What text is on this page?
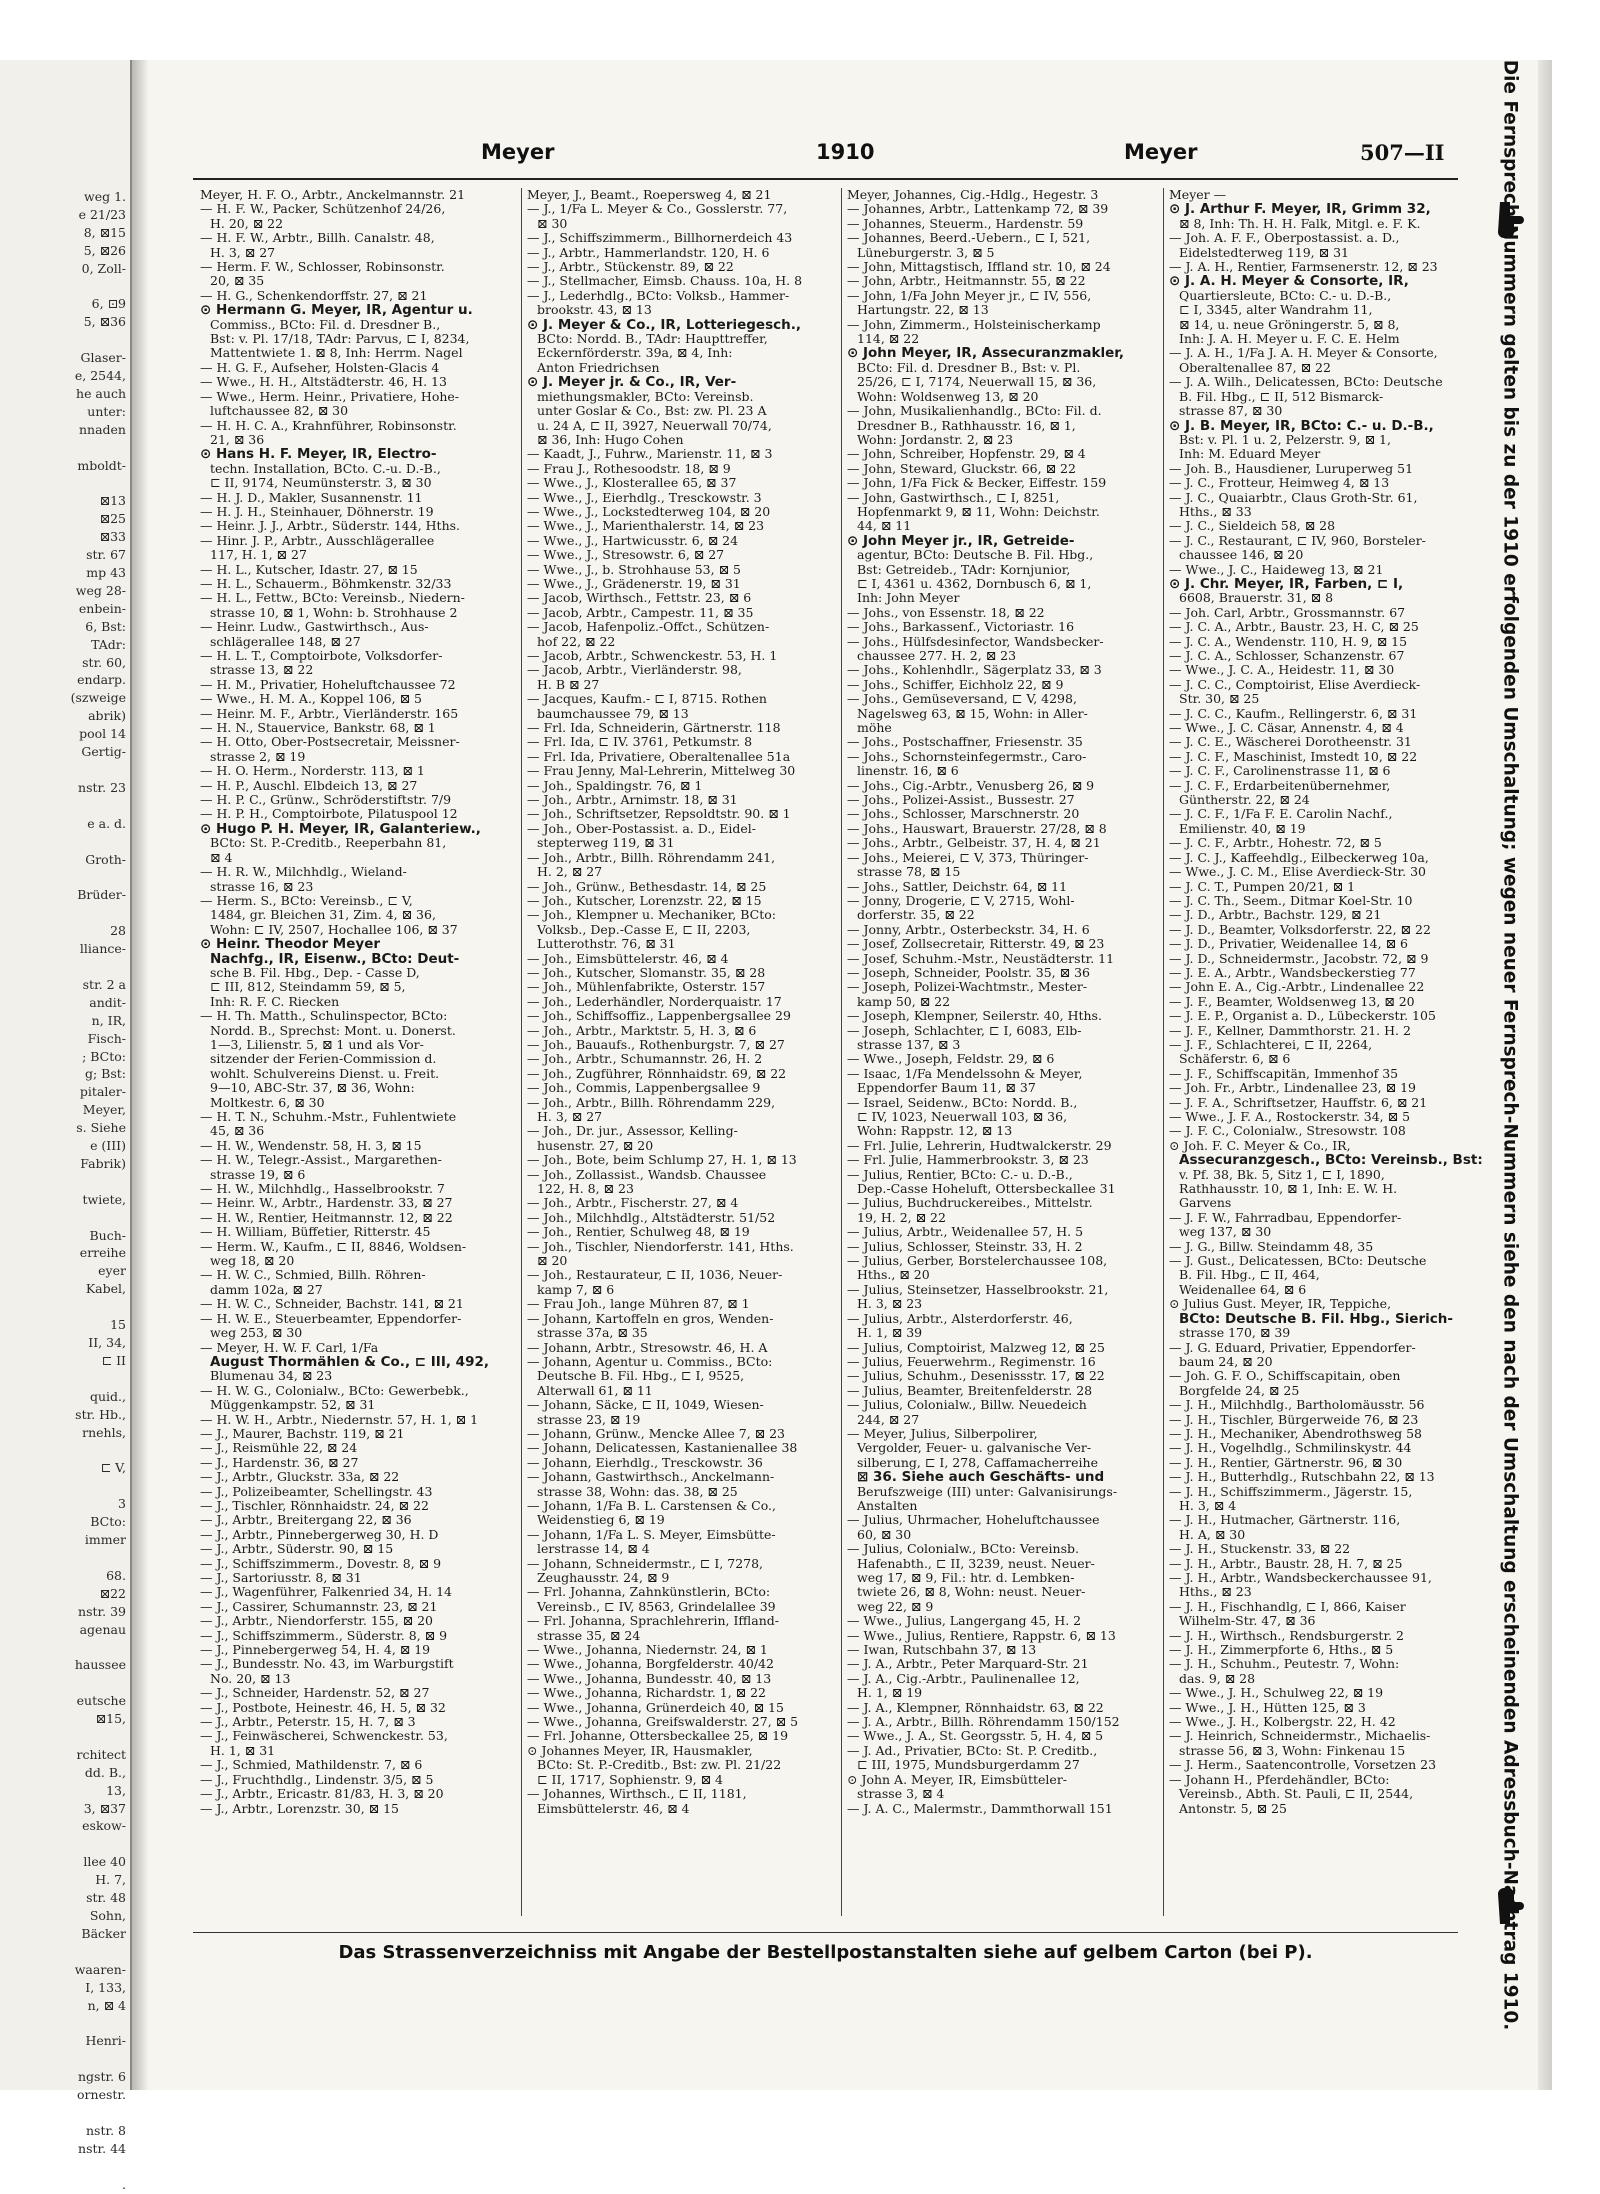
weg 1.
e 21/23
8, ⊠15
5, ⊠26
0, Zoll-

6, ⊡9
5, ⊠36

Glaser-
e, 2544,
he auch
unter:
nnaden

mboldt-

⊠13
⊠25
⊠33
str. 67
mp 43
weg 28-
enbein-
6, Bst:
TAdr:
str. 60,
endarp.
(szweige
abrik)
pool 14
Gertig-

nstr. 23

e a. d.

Groth-

Brüder-

28
lliance-

str. 2 a
andit-
n, IR,
Fisch-
; BCto:
g; Bst:
pitaler-
Meyer,
s. Siehe
e (III)
Fabrik)

twiete,

Buch-
erreihe
eyer
Kabel,

15
II, 34,
⊏ II

quid.,
str. Hb.,
rnehls,

⊏ V,

3
BCto:
immer

68.
⊠22
nstr. 39
agenau

haussee

eutsche
⊠15,

rchitect
dd. B.,
13,
3, ⊠37
eskow-

llee 40
H. 7,
str. 48
Sohn,
Bäcker

waaren-
I, 133,
n, ⊠ 4

Henri-

ngstr. 6
ornestr.

nstr. 8
nstr. 44

.
Meyer	1910	Meyer	507—II
Meyer, H. F. O., Arbtr., Anckelmannstr. 21
— H. F. W., Packer, Schützenhof 24/26,
H. 20, ⊠ 22
— H. F. W., Arbtr., Billh. Canalstr. 48,
H. 3, ⊠ 27
— Herm. F. W., Schlosser, Robinsonstr.
20, ⊠ 35
— H. G., Schenkendorffstr. 27, ⊠ 21
⊙ Hermann G. Meyer, IR, Agentur u.
Commiss., BCto: Fil. d. Dresdner B.,
Bst: v. Pl. 17/18, TAdr: Parvus, ⊏ I, 8234,
Mattentwiete 1. ⊠ 8, Inh: Herrm. Nagel
— H. G. F., Aufseher, Holsten-Glacis 4
— Wwe., H. H., Altstädterstr. 46, H. 13
— Wwe., Herm. Heinr., Privatiere, Hohe-
luftchaussee 82, ⊠ 30
— H. H. C. A., Krahnführer, Robinsonstr.
21, ⊠ 36
⊙ Hans H. F. Meyer, IR, Electro-
techn. Installation, BCto. C.-u. D.-B.,
⊏ II, 9174, Neumünsterstr. 3, ⊠ 30
— H. J. D., Makler, Susannenstr. 11
— H. J. H., Steinhauer, Döhnerstr. 19
— Heinr. J. J., Arbtr., Süderstr. 144, Hths.
— Hinr. J. P., Arbtr., Ausschlägerallee
117, H. 1, ⊠ 27
— H. L., Kutscher, Idastr. 27, ⊠ 15
— H. L., Schauerm., Böhmkenstr. 32/33
— H. L., Fettw., BCto: Vereinsb., Niedern-
strasse 10, ⊠ 1, Wohn: b. Strohhause 2
— Heinr. Ludw., Gastwirthsch., Aus-
schlägerallee 148, ⊠ 27
— H. L. T., Comptoirbote, Volksdorfer-
strasse 13, ⊠ 22
— H. M., Privatier, Hoheluftchaussee 72
— Wwe., H. M. A., Koppel 106, ⊠ 5
— Heinr. M. F., Arbtr., Vierländerstr. 165
— H. N., Stauervice, Bankstr. 68, ⊠ 1
— H. Otto, Ober-Postsecretair, Meissner-
strasse 2, ⊠ 19
— H. O. Herm., Norderstr. 113, ⊠ 1
— H. P., Auschl. Elbdeich 13, ⊠ 27
— H. P. C., Grünw., Schröderstiftstr. 7/9
— H. P. H., Comptoirbote, Pilatuspool 12
⊙ Hugo P. H. Meyer, IR, Galanteriew.,
BCto: St. P.-Creditb., Reeperbahn 81,
⊠ 4
— H. R. W., Milchhdlg., Wieland-
strasse 16, ⊠ 23
— Herm. S., BCto: Vereinsb., ⊏ V,
1484, gr. Bleichen 31, Zim. 4, ⊠ 36,
Wohn: ⊏ IV, 2507, Hochallee 106, ⊠ 37
⊙ Heinr. Theodor Meyer
Nachfg., IR, Eisenw., BCto: Deut-
sche B. Fil. Hbg., Dep. - Casse D,
⊏ III, 812, Steindamm 59, ⊠ 5,
Inh: R. F. C. Riecken
— H. Th. Matth., Schulinspector, BCto:
Nordd. B., Sprechst: Mont. u. Donerst.
1—3, Lilienstr. 5, ⊠ 1 und als Vor-
sitzender der Ferien-Commission d.
wohlt. Schulvereins Dienst. u. Freit.
9—10, ABC-Str. 37, ⊠ 36, Wohn:
Moltkestr. 6, ⊠ 30
— H. T. N., Schuhm.-Mstr., Fuhlentwiete
45, ⊠ 36
— H. W., Wendenstr. 58, H. 3, ⊠ 15
— H. W., Telegr.-Assist., Margarethen-
strasse 19, ⊠ 6
— H. W., Milchhdlg., Hasselbrookstr. 7
— Heinr. W., Arbtr., Hardenstr. 33, ⊠ 27
— H. W., Rentier, Heitmannstr. 12, ⊠ 22
— H. William, Büffetier, Ritterstr. 45
— Herm. W., Kaufm., ⊏ II, 8846, Woldsen-
weg 18, ⊠ 20
— H. W. C., Schmied, Billh. Röhren-
damm 102a, ⊠ 27
— H. W. C., Schneider, Bachstr. 141, ⊠ 21
— H. W. E., Steuerbeamter, Eppendorfer-
weg 253, ⊠ 30
— Meyer, H. W. F. Carl, 1/Fa
August Thormählen & Co., ⊏ III, 492,
Blumenau 34, ⊠ 23
— H. W. G., Colonialw., BCto: Gewerbebk.,
Müggenkampstr. 52, ⊠ 31
— H. W. H., Arbtr., Niedernstr. 57, H. 1, ⊠ 1
— J., Maurer, Bachstr. 119, ⊠ 21
— J., Reismühle 22, ⊠ 24
— J., Hardenstr. 36, ⊠ 27
— J., Arbtr., Gluckstr. 33a, ⊠ 22
— J., Polizeibeamter, Schellingstr. 43
— J., Tischler, Rönnhaidstr. 24, ⊠ 22
— J., Arbtr., Breitergang 22, ⊠ 36
— J., Arbtr., Pinnebergerweg 30, H. D
— J., Arbtr., Süderstr. 90, ⊠ 15
— J., Schiffszimmerm., Dovestr. 8, ⊠ 9
— J., Sartoriusstr. 8, ⊠ 31
— J., Wagenführer, Falkenried 34, H. 14
— J., Cassirer, Schumannstr. 23, ⊠ 21
— J., Arbtr., Niendorferstr. 155, ⊠ 20
— J., Schiffszimmerm., Süderstr. 8, ⊠ 9
— J., Pinnebergerweg 54, H. 4, ⊠ 19
— J., Bundesstr. No. 43, im Warburgstift
No. 20, ⊠ 13
— J., Schneider, Hardenstr. 52, ⊠ 27
— J., Postbote, Heinestr. 46, H. 5, ⊠ 32
— J., Arbtr., Peterstr. 15, H. 7, ⊠ 3
— J., Feinwäscherei, Schwenckestr. 53,
H. 1, ⊠ 31
— J., Schmied, Mathildenstr. 7, ⊠ 6
— J., Fruchthdlg., Lindenstr. 3/5, ⊠ 5
— J., Arbtr., Ericastr. 81/83, H. 3, ⊠ 20
— J., Arbtr., Lorenzstr. 30, ⊠ 15
Meyer, J., Beamt., Roepersweg 4, ⊠ 21
— J., 1/Fa L. Meyer & Co., Gosslerstr. 77,
⊠ 30
— J., Schiffszimmerm., Billhornerdeich 43
— J., Arbtr., Hammerlandstr. 120, H. 6
— J., Arbtr., Stückenstr. 89, ⊠ 22
— J., Stellmacher, Eimsb. Chauss. 10a, H. 8
— J., Lederhdlg., BCto: Volksb., Hammer-
brookstr. 43, ⊠ 13
⊙ J. Meyer & Co., IR, Lotteriegesch.,
BCto: Nordd. B., TAdr: Haupttreffer,
Eckernförderstr. 39a, ⊠ 4, Inh:
Anton Friedrichsen
⊙ J. Meyer jr. & Co., IR, Ver-
miethungsmakler, BCto: Vereinsb.
unter Goslar & Co., Bst: zw. Pl. 23 A
u. 24 A, ⊏ II, 3927, Neuerwall 70/74,
⊠ 36, Inh: Hugo Cohen
— Kaadt, J., Fuhrw., Marienstr. 11, ⊠ 3
— Frau J., Rothesoodstr. 18, ⊠ 9
— Wwe., J., Klosterallee 65, ⊠ 37
— Wwe., J., Eierhdlg., Tresckowstr. 3
— Wwe., J., Lockstedterweg 104, ⊠ 20
— Wwe., J., Marienthalerstr. 14, ⊠ 23
— Wwe., J., Hartwicusstr. 6, ⊠ 24
— Wwe., J., Stresowstr. 6, ⊠ 27
— Wwe., J., b. Strohhause 53, ⊠ 5
— Wwe., J., Grädenerstr. 19, ⊠ 31
— Jacob, Wirthsch., Fettstr. 23, ⊠ 6
— Jacob, Arbtr., Campestr. 11, ⊠ 35
— Jacob, Hafenpoliz.-Offct., Schützen-
hof 22, ⊠ 22
— Jacob, Arbtr., Schwenckestr. 53, H. 1
— Jacob, Arbtr., Vierländerstr. 98,
H. B ⊠ 27
— Jacques, Kaufm.- ⊏ I, 8715. Rothen
baumchaussee 79, ⊠ 13
— Frl. Ida, Schneiderin, Gärtnerstr. 118
— Frl. Ida, ⊏ IV. 3761, Petkumstr. 8
— Frl. Ida, Privatiere, Oberaltenallee 51a
— Frau Jenny, Mal-Lehrerin, Mittelweg 30
— Joh., Spaldingstr. 76, ⊠ 1
— Joh., Arbtr., Arnimstr. 18, ⊠ 31
— Joh., Schriftsetzer, Repsoldtstr. 90. ⊠ 1
— Joh., Ober-Postassist. a. D., Eidel-
stepterweg 119, ⊠ 31
— Joh., Arbtr., Billh. Röhrendamm 241,
H. 2, ⊠ 27
— Joh., Grünw., Bethesdastr. 14, ⊠ 25
— Joh., Kutscher, Lorenzstr. 22, ⊠ 15
— Joh., Klempner u. Mechaniker, BCto:
Volksb., Dep.-Casse E, ⊏ II, 2203,
Lutterothstr. 76, ⊠ 31
— Joh., Eimsbüttelerstr. 46, ⊠ 4
— Joh., Kutscher, Slomanstr. 35, ⊠ 28
— Joh., Mühlenfabrikte, Osterstr. 157
— Joh., Lederhändler, Norderquaistr. 17
— Joh., Schiffsoffiz., Lappenbergsallee 29
— Joh., Arbtr., Marktstr. 5, H. 3, ⊠ 6
— Joh., Bauaufs., Rothenburgstr. 7, ⊠ 27
— Joh., Arbtr., Schumannstr. 26, H. 2
— Joh., Zugführer, Rönnhaidstr. 69, ⊠ 22
— Joh., Commis, Lappenbergsallee 9
— Joh., Arbtr., Billh. Röhrendamm 229,
H. 3, ⊠ 27
— Joh., Dr. jur., Assessor, Kelling-
husenstr. 27, ⊠ 20
— Joh., Bote, beim Schlump 27, H. 1, ⊠ 13
— Joh., Zollassist., Wandsb. Chaussee
122, H. 8, ⊠ 23
— Joh., Arbtr., Fischerstr. 27, ⊠ 4
— Joh., Milchhdlg., Altstädterstr. 51/52
— Joh., Rentier, Schulweg 48, ⊠ 19
— Joh., Tischler, Niendorferstr. 141, Hths.
⊠ 20
— Joh., Restaurateur, ⊏ II, 1036, Neuer-
kamp 7, ⊠ 6
— Frau Joh., lange Mühren 87, ⊠ 1
— Johann, Kartoffeln en gros, Wenden-
strasse 37a, ⊠ 35
— Johann, Arbtr., Stresowstr. 46, H. A
— Johann, Agentur u. Commiss., BCto:
Deutsche B. Fil. Hbg., ⊏ I, 9525,
Alterwall 61, ⊠ 11
— Johann, Säcke, ⊏ II, 1049, Wiesen-
strasse 23, ⊠ 19
— Johann, Grünw., Mencke Allee 7, ⊠ 23
— Johann, Delicatessen, Kastanienallee 38
— Johann, Eierhdlg., Tresckowstr. 36
— Johann, Gastwirthsch., Anckelmann-
strasse 38, Wohn: das. 38, ⊠ 25
— Johann, 1/Fa B. L. Carstensen & Co.,
Weidenstieg 6, ⊠ 19
— Johann, 1/Fa L. S. Meyer, Eimsbütte-
lerstrasse 14, ⊠ 4
— Johann, Schneidermstr., ⊏ I, 7278,
Zeughausstr. 24, ⊠ 9
— Frl. Johanna, Zahnkünstlerin, BCto:
Vereinsb., ⊏ IV, 8563, Grindelallee 39
— Frl. Johanna, Sprachlehrerin, Iffland-
strasse 35, ⊠ 24
— Wwe., Johanna, Niedernstr. 24, ⊠ 1
— Wwe., Johanna, Borgfelderstr. 40/42
— Wwe., Johanna, Bundesstr. 40, ⊠ 13
— Wwe., Johanna, Richardstr. 1, ⊠ 22
— Wwe., Johanna, Grünerdeich 40, ⊠ 15
— Wwe., Johanna, Greifswalderstr. 27, ⊠ 5
— Frl. Johanne, Ottersbeckallee 25, ⊠ 19
⊙ Johannes Meyer, IR, Hausmakler,
BCto: St. P.-Creditb., Bst: zw. Pl. 21/22
⊏ II, 1717, Sophienstr. 9, ⊠ 4
— Johannes, Wirthsch., ⊏ II, 1181,
Eimsbüttelerstr. 46, ⊠ 4
Meyer, Johannes, Cig.-Hdlg., Hegestr. 3
— Johannes, Arbtr., Lattenkamp 72, ⊠ 39
— Johannes, Steuerm., Hardenstr. 59
— Johannes, Beerd.-Uebern., ⊏ I, 521,
Lüneburgerstr. 3, ⊠ 5
— John, Mittagstisch, Iffland str. 10, ⊠ 24
— John, Arbtr., Heitmannstr. 55, ⊠ 22
— John, 1/Fa John Meyer jr., ⊏ IV, 556,
Hartungstr. 22, ⊠ 13
— John, Zimmerm., Holsteinischerkamp
114, ⊠ 22
⊙ John Meyer, IR, Assecuranzmakler,
BCto: Fil. d. Dresdner B., Bst: v. Pl.
25/26, ⊏ I, 7174, Neuerwall 15, ⊠ 36,
Wohn: Woldsenweg 13, ⊠ 20
— John, Musikalienhandlg., BCto: Fil. d.
Dresdner B., Rathhausstr. 16, ⊠ 1,
Wohn: Jordanstr. 2, ⊠ 23
— John, Schreiber, Hopfenstr. 29, ⊠ 4
— John, Steward, Gluckstr. 66, ⊠ 22
— John, 1/Fa Fick & Becker, Eiffestr. 159
— John, Gastwirthsch., ⊏ I, 8251,
Hopfenmarkt 9, ⊠ 11, Wohn: Deichstr.
44, ⊠ 11
⊙ John Meyer jr., IR, Getreide-
agentur, BCto: Deutsche B. Fil. Hbg.,
Bst: Getreideb., TAdr: Kornjunior,
⊏ I, 4361 u. 4362, Dornbusch 6, ⊠ 1,
Inh: John Meyer
— Johs., von Essenstr. 18, ⊠ 22
— Johs., Barkassenf., Victoriastr. 16
— Johs., Hülfsdesinfector, Wandsbecker-
chaussee 277. H. 2, ⊠ 23
— Johs., Kohlenhdlr., Sägerplatz 33, ⊠ 3
— Johs., Schiffer, Eichholz 22, ⊠ 9
— Johs., Gemüseversand, ⊏ V, 4298,
Nagelsweg 63, ⊠ 15, Wohn: in Aller-
möhe
— Johs., Postschaffner, Friesenstr. 35
— Johs., Schornsteinfegermstr., Caro-
linenstr. 16, ⊠ 6
— Johs., Cig.-Arbtr., Venusberg 26, ⊠ 9
— Johs., Polizei-Assist., Bussestr. 27
— Johs., Schlosser, Marschnerstr. 20
— Johs., Hauswart, Brauerstr. 27/28, ⊠ 8
— Johs., Arbtr., Gelbeistr. 37, H. 4, ⊠ 21
— Johs., Meierei, ⊏ V, 373, Thüringer-
strasse 78, ⊠ 15
— Johs., Sattler, Deichstr. 64, ⊠ 11
— Jonny, Drogerie, ⊏ V, 2715, Wohl-
dorferstr. 35, ⊠ 22
— Jonny, Arbtr., Osterbeckstr. 34, H. 6
— Josef, Zollsecretair, Ritterstr. 49, ⊠ 23
— Josef, Schuhm.-Mstr., Neustädterstr. 11
— Joseph, Schneider, Poolstr. 35, ⊠ 36
— Joseph, Polizei-Wachtmstr., Mester-
kamp 50, ⊠ 22
— Joseph, Klempner, Seilerstr. 40, Hths.
— Joseph, Schlachter, ⊏ I, 6083, Elb-
strasse 137, ⊠ 3
— Wwe., Joseph, Feldstr. 29, ⊠ 6
— Isaac, 1/Fa Mendelssohn & Meyer,
Eppendorfer Baum 11, ⊠ 37
— Israel, Seidenw., BCto: Nordd. B.,
⊏ IV, 1023, Neuerwall 103, ⊠ 36,
Wohn: Rappstr. 12, ⊠ 13
— Frl. Julie, Lehrerin, Hudtwalckerstr. 29
— Frl. Julie, Hammerbrookstr. 3, ⊠ 23
— Julius, Rentier, BCto: C.- u. D.-B.,
Dep.-Casse Hoheluft, Ottersbeckallee 31
— Julius, Buchdruckereibes., Mittelstr.
19, H. 2, ⊠ 22
— Julius, Arbtr., Weidenallee 57, H. 5
— Julius, Schlosser, Steinstr. 33, H. 2
— Julius, Gerber, Borstelerchaussee 108,
Hths., ⊠ 20
— Julius, Steinsetzer, Hasselbrookstr. 21,
H. 3, ⊠ 23
— Julius, Arbtr., Alsterdorferstr. 46,
H. 1, ⊠ 39
— Julius, Comptoirist, Malzweg 12, ⊠ 25
— Julius, Feuerwehrm., Regimenstr. 16
— Julius, Schuhm., Desenissstr. 17, ⊠ 22
— Julius, Beamter, Breitenfelderstr. 28
— Julius, Colonialw., Billw. Neuedeich
244, ⊠ 27
— Meyer, Julius, Silberpolirer,
Vergolder, Feuer- u. galvanische Ver-
silberung, ⊏ I, 278, Caffamacherreihe
⊠ 36. Siehe auch Geschäfts- und
Berufszweige (III) unter: Galvanisirungs-
Anstalten
— Julius, Uhrmacher, Hoheluftchaussee
60, ⊠ 30
— Julius, Colonialw., BCto: Vereinsb.
Hafenabth., ⊏ II, 3239, neust. Neuer-
weg 17, ⊠ 9, Fil.: htr. d. Lembken-
twiete 26, ⊠ 8, Wohn: neust. Neuer-
weg 22, ⊠ 9
— Wwe., Julius, Langergang 45, H. 2
— Wwe., Julius, Rentiere, Rappstr. 6, ⊠ 13
— Iwan, Rutschbahn 37, ⊠ 13
— J. A., Arbtr., Peter Marquard-Str. 21
— J. A., Cig.-Arbtr., Paulinenallee 12,
H. 1, ⊠ 19
— J. A., Klempner, Rönnhaidstr. 63, ⊠ 22
— J. A., Arbtr., Billh. Röhrendamm 150/152
— Wwe., J. A., St. Georgsstr. 5, H. 4, ⊠ 5
— J. Ad., Privatier, BCto: St. P. Creditb.,
⊏ III, 1975, Mundsburgerdamm 27
⊙ John A. Meyer, IR, Eimsbütteler-
strasse 3, ⊠ 4
— J. A. C., Malermstr., Dammthorwall 151
Meyer —
⊙ J. Arthur F. Meyer, IR, Grimm 32,
⊠ 8, Inh: Th. H. H. Falk, Mitgl. e. F. K.
— Joh. A. F. F., Oberpostassist. a. D.,
Eidelstedterweg 119, ⊠ 31
— J. A. H., Rentier, Farmsenerstr. 12, ⊠ 23
⊙ J. A. H. Meyer & Consorte, IR,
Quartiersleute, BCto: C.- u. D.-B.,
⊏ I, 3345, alter Wandrahm 11,
⊠ 14, u. neue Gröningerstr. 5, ⊠ 8,
Inh: J. A. H. Meyer u. F. C. E. Helm
— J. A. H., 1/Fa J. A. H. Meyer & Consorte,
Oberaltenallee 87, ⊠ 22
— J. A. Wilh., Delicatessen, BCto: Deutsche
B. Fil. Hbg., ⊏ II, 512 Bismarck-
strasse 87, ⊠ 30
⊙ J. B. Meyer, IR, BCto: C.- u. D.-B.,
Bst: v. Pl. 1 u. 2, Pelzerstr. 9, ⊠ 1,
Inh: M. Eduard Meyer
— Joh. B., Hausdiener, Luruperweg 51
— J. C., Frotteur, Heimweg 4, ⊠ 13
— J. C., Quaiarbtr., Claus Groth-Str. 61,
Hths., ⊠ 33
— J. C., Sieldeich 58, ⊠ 28
— J. C., Restaurant, ⊏ IV, 960, Borsteler-
chaussee 146, ⊠ 20
— Wwe., J. C., Haideweg 13, ⊠ 21
⊙ J. Chr. Meyer, IR, Farben, ⊏ I,
6608, Brauerstr. 31, ⊠ 8
— Joh. Carl, Arbtr., Grossmannstr. 67
— J. C. A., Arbtr., Baustr. 23, H. C, ⊠ 25
— J. C. A., Wendenstr. 110, H. 9, ⊠ 15
— J. C. A., Schlosser, Schanzenstr. 67
— Wwe., J. C. A., Heidestr. 11, ⊠ 30
— J. C. C., Comptoirist, Elise Averdieck-
Str. 30, ⊠ 25
— J. C. C., Kaufm., Rellingerstr. 6, ⊠ 31
— Wwe., J. C. Cäsar, Annenstr. 4, ⊠ 4
— J. C. E., Wäscherei Dorotheenstr. 31
— J. C. F., Maschinist, Imstedt 10, ⊠ 22
— J. C. F., Carolinenstrasse 11, ⊠ 6
— J. C. F., Erdarbeitenübernehmer,
Güntherstr. 22, ⊠ 24
— J. C. F., 1/Fa F. E. Carolin Nachf.,
Emilienstr. 40, ⊠ 19
— J. C. F., Arbtr., Hohestr. 72, ⊠ 5
— J. C. J., Kaffeehdlg., Eilbeckerweg 10a,
— Wwe., J. C. M., Elise Averdieck-Str. 30
— J. C. T., Pumpen 20/21, ⊠ 1
— J. C. Th., Seem., Ditmar Koel-Str. 10
— J. D., Arbtr., Bachstr. 129, ⊠ 21
— J. D., Beamter, Volksdorferstr. 22, ⊠ 22
— J. D., Privatier, Weidenallee 14, ⊠ 6
— J. D., Schneidermstr., Jacobstr. 72, ⊠ 9
— J. E. A., Arbtr., Wandsbeckerstieg 77
— John E. A., Cig.-Arbtr., Lindenallee 22
— J. F., Beamter, Woldsenweg 13, ⊠ 20
— J. E. P., Organist a. D., Lübeckerstr. 105
— J. F., Kellner, Dammthorstr. 21. H. 2
— J. F., Schlachterei, ⊏ II, 2264,
Schäferstr. 6, ⊠ 6
— J. F., Schiffscapitän, Immenhof 35
— Joh. Fr., Arbtr., Lindenallee 23, ⊠ 19
— J. F. A., Schriftsetzer, Hauffstr. 6, ⊠ 21
— Wwe., J. F. A., Rostockerstr. 34, ⊠ 5
— J. F. C., Colonialw., Stresowstr. 108
⊙ Joh. F. C. Meyer & Co., IR,
Assecuranzgesch., BCto: Vereinsb., Bst:
v. Pf. 38, Bk. 5, Sitz 1, ⊏ I, 1890,
Rathhausstr. 10, ⊠ 1, Inh: E. W. H.
Garvens
— J. F. W., Fahrradbau, Eppendorfer-
weg 137, ⊠ 30
— J. G., Billw. Steindamm 48, 35
— J. Gust., Delicatessen, BCto: Deutsche
B. Fil. Hbg., ⊏ II, 464,
Weidenallee 64, ⊠ 6
⊙ Julius Gust. Meyer, IR, Teppiche,
BCto: Deutsche B. Fil. Hbg., Sierich-
strasse 170, ⊠ 39
— J. G. Eduard, Privatier, Eppendorfer-
baum 24, ⊠ 20
— Joh. G. F. O., Schiffscapitain, oben
Borgfelde 24, ⊠ 25
— J. H., Milchhdlg., Bartholomäusstr. 56
— J. H., Tischler, Bürgerweide 76, ⊠ 23
— J. H., Mechaniker, Abendrothsweg 58
— J. H., Vogelhdlg., Schmilinskystr. 44
— J. H., Rentier, Gärtnerstr. 96, ⊠ 30
— J. H., Butterhdlg., Rutschbahn 22, ⊠ 13
— J. H., Schiffszimmerm., Jägerstr. 15,
H. 3, ⊠ 4
— J. H., Hutmacher, Gärtnerstr. 116,
H. A, ⊠ 30
— J. H., Stuckenstr. 33, ⊠ 22
— J. H., Arbtr., Baustr. 28, H. 7, ⊠ 25
— J. H., Arbtr., Wandsbeckerchaussee 91,
Hths., ⊠ 23
— J. H., Fischhandlg, ⊏ I, 866, Kaiser
Wilhelm-Str. 47, ⊠ 36
— J. H., Wirthsch., Rendsburgerstr. 2
— J. H., Zimmerpforte 6, Hths., ⊠ 5
— J. H., Schuhm., Peutestr. 7, Wohn:
das. 9, ⊠ 28
— Wwe., J. H., Schulweg 22, ⊠ 19
— Wwe., J. H., Hütten 125, ⊠ 3
— Wwe., J. H., Kolbergstr. 22, H. 42
— J. Heinrich, Schneidermstr., Michaelis-
strasse 56, ⊠ 3, Wohn: Finkenau 15
— J. Herm., Saatencontrolle, Vorsetzen 23
— Johann H., Pferdehändler, BCto:
Vereinsb., Abth. St. Pauli, ⊏ II, 2544,
Antonstr. 5, ⊠ 25
Das Strassenverzeichniss mit Angabe der Bestellpostanstalten siehe auf gelbem Carton (bei P).	Die Fernsprech-Nummern gelten bis zu der 1910 erfolgenden Umschaltung; wegen neuer Fernsprech-Nummern siehe den nach der Umschaltung erscheinenden Adressbuch-Nachtrag 1910.
